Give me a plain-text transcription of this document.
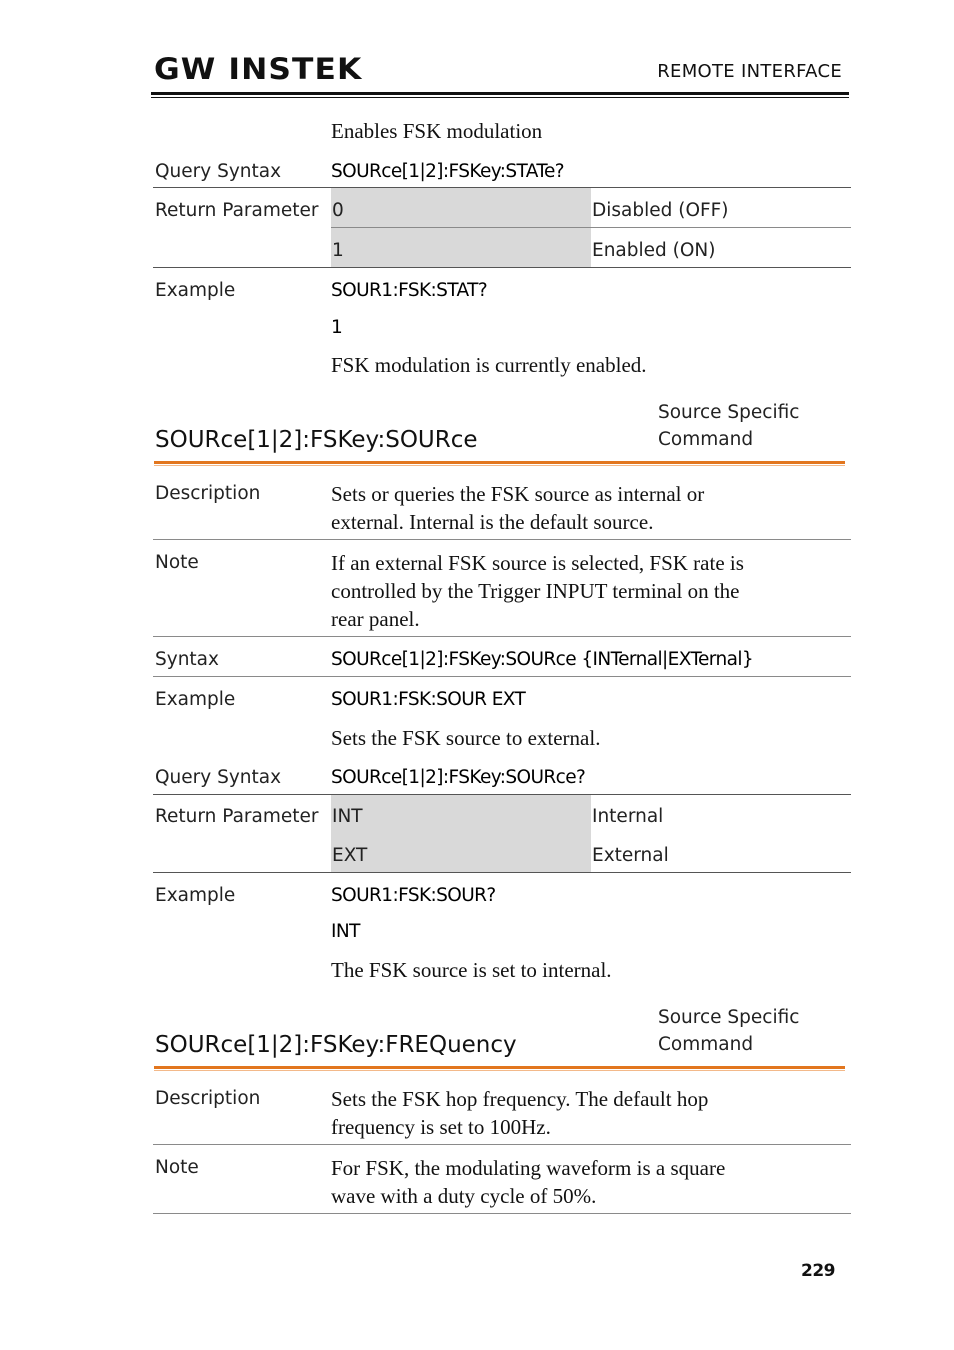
GW INSTEK	REMOTE INTERFACE
Enables FSK modulation
Query Syntax	SOURce[1|2]:FSKey:STATe?
Return Parameter 0	Disabled (OFF)
1	Enabled (ON)
Example	SOUR1:FSK:STAT?
1
FSK modulation is currently enabled.
SOURce[1|2]:FSKey:SOURce
Source Specific
Command
Description	Sets or queries the FSK source as internal or
external. Internal is the default source.
Note	If an external FSK source is selected, FSK rate is
controlled by the Trigger INPUT terminal on the
rear panel.
Syntax	SOURce[1|2]:FSKey:SOURce {INTernal|EXTernal}
Example	SOUR1:FSK:SOUR EXT
Sets the FSK source to external.
Query Syntax	SOURce[1|2]:FSKey:SOURce?
Return Parameter INT	Internal
EXT	External
Example	SOUR1:FSK:SOUR?
INT
The FSK source is set to internal.
SOURce[1|2]:FSKey:FREQuency
Source Specific
Command
Description	Sets the FSK hop frequency. The default hop
frequency is set to 100Hz.
Note	For FSK, the modulating waveform is a square
wave with a duty cycle of 50%.
229
